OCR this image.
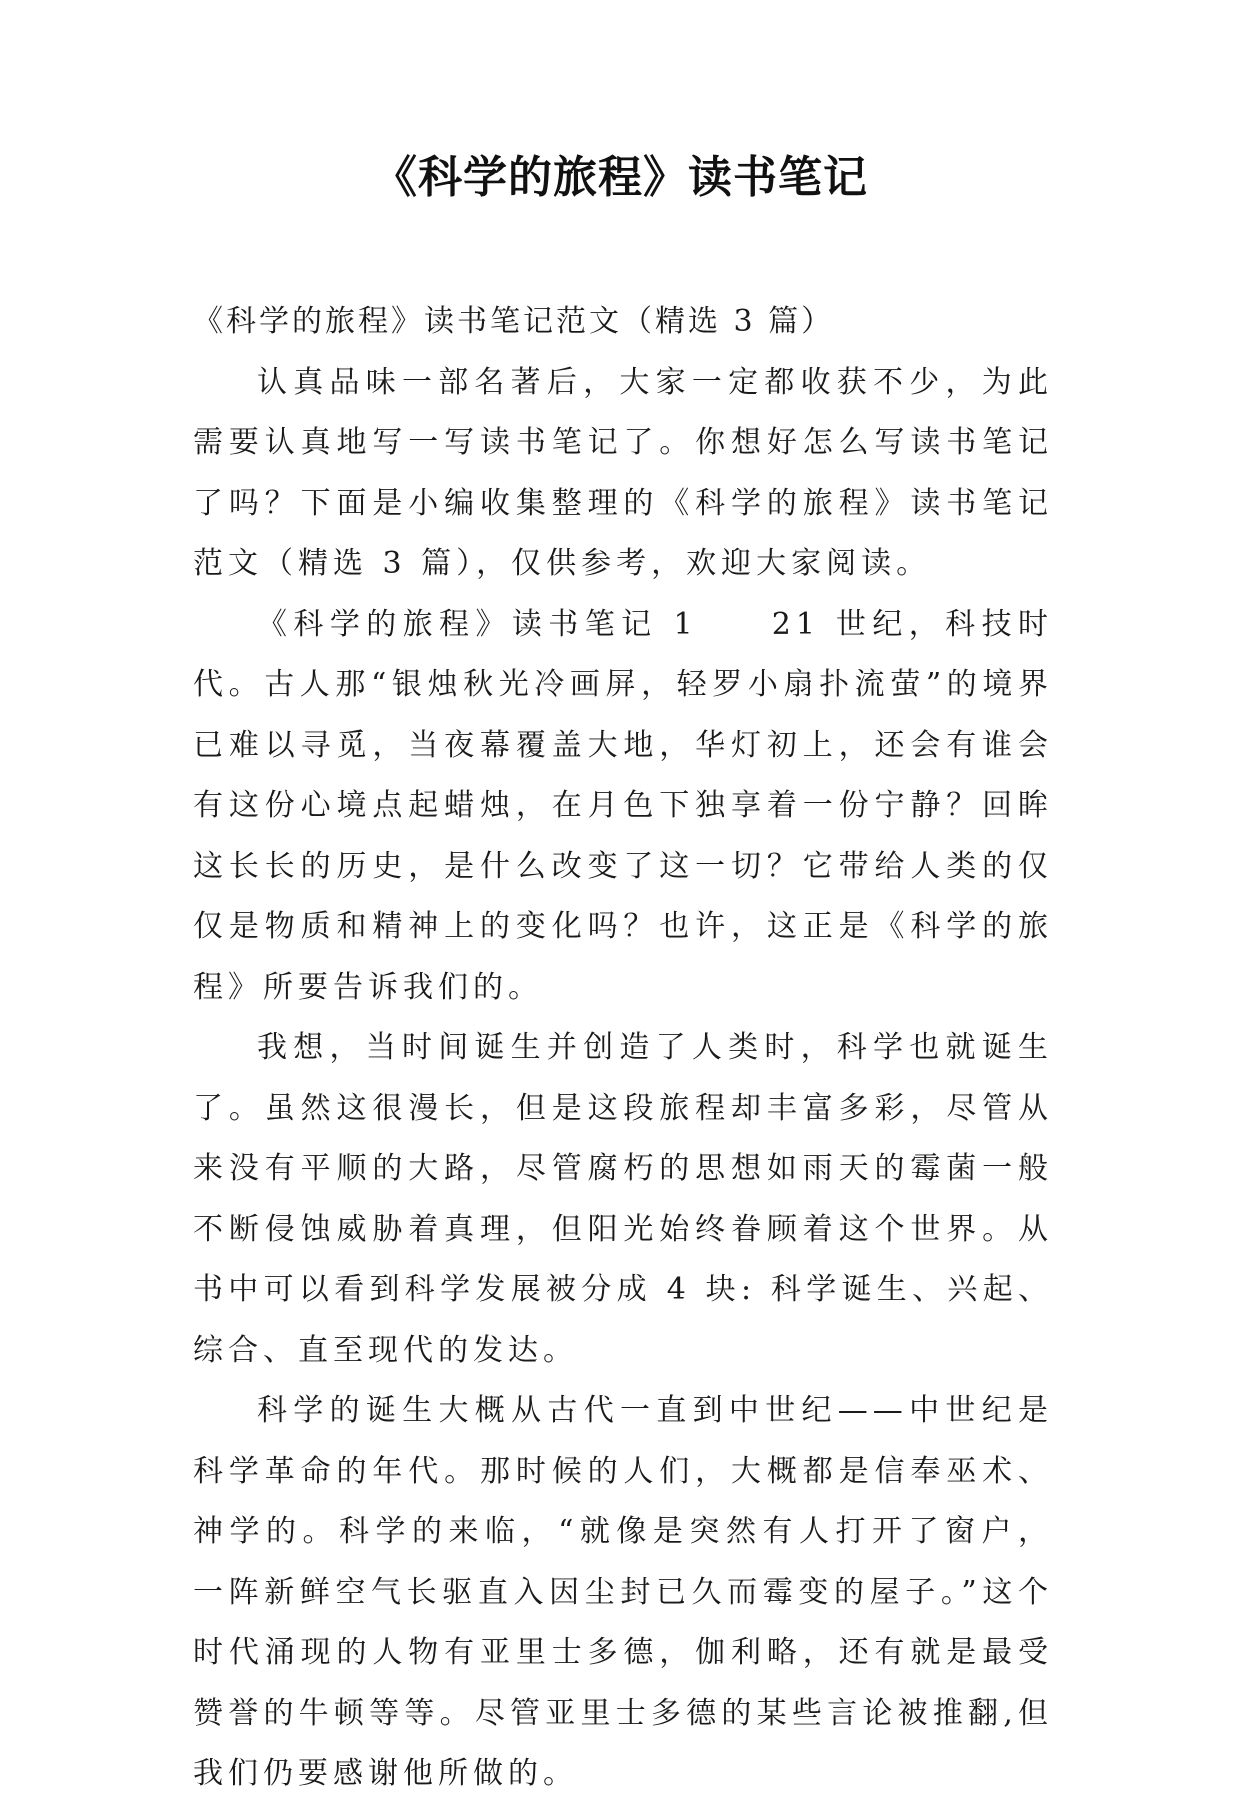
《科学的旅程》读书笔记

《科学的旅程》读书笔记范文（精选 3 篇）

认真品味一部名著后，大家一定都收获不少，为此需要认真地写一写读书笔记了。你想好怎么写读书笔记了吗？下面是小编收集整理的《科学的旅程》读书笔记范文（精选 3 篇），仅供参考，欢迎大家阅读。

《科学的旅程》读书笔记 1　　21 世纪，科技时代。古人那“银烛秋光冷画屏，轻罗小扇扑流萤”的境界已难以寻觅，当夜幕覆盖大地，华灯初上，还会有谁会有这份心境点起蜡烛，在月色下独享着一份宁静？回眸这长长的历史，是什么改变了这一切？它带给人类的仅仅是物质和精神上的变化吗？也许，这正是《科学的旅程》所要告诉我们的。

我想，当时间诞生并创造了人类时，科学也就诞生了。虽然这很漫长，但是这段旅程却丰富多彩，尽管从来没有平顺的大路，尽管腐朽的思想如雨天的霉菌一般不断侵蚀威胁着真理，但阳光始终眷顾着这个世界。从书中可以看到科学发展被分成 4 块: 科学诞生、兴起、综合、直至现代的发达。

科学的诞生大概从古代一直到中世纪——中世纪是科学革命的年代。那时候的人们，大概都是信奉巫术、神学的。科学的来临，“就像是突然有人打开了窗户，一阵新鲜空气长驱直入因尘封已久而霉变的屋子。”这个时代涌现的人物有亚里士多德，伽利略，还有就是最受赞誉的牛顿等等。尽管亚里士多德的某些言论被推翻,但我们仍要感谢他所做的。
